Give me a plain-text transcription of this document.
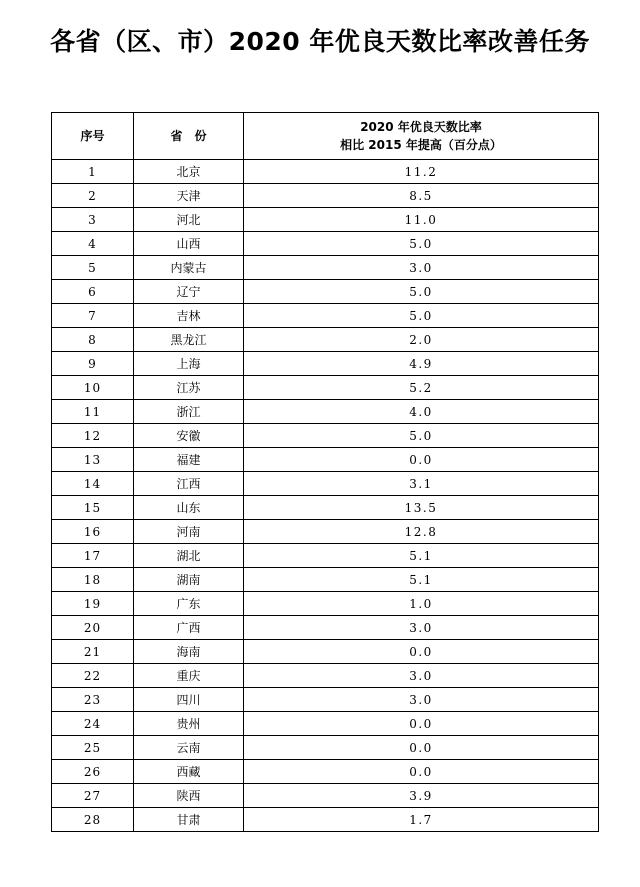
各省（区、市）2020 年优良天数比率改善任务
序号	省　份	2020 年优良天数比率
相比 2015 年提高（百分点）

1	北京	11.2
2	天津	8.5
3	河北	11.0
4	山西	5.0
5	内蒙古	3.0
6	辽宁	5.0
7	吉林	5.0
8	黑龙江	2.0
9	上海	4.9
10	江苏	5.2
11	浙江	4.0
12	安徽	5.0
13	福建	0.0
14	江西	3.1
15	山东	13.5
16	河南	12.8
17	湖北	5.1
18	湖南	5.1
19	广东	1.0
20	广西	3.0
21	海南	0.0
22	重庆	3.0
23	四川	3.0
24	贵州	0.0
25	云南	0.0
26	西藏	0.0
27	陕西	3.9
28	甘肃	1.7
